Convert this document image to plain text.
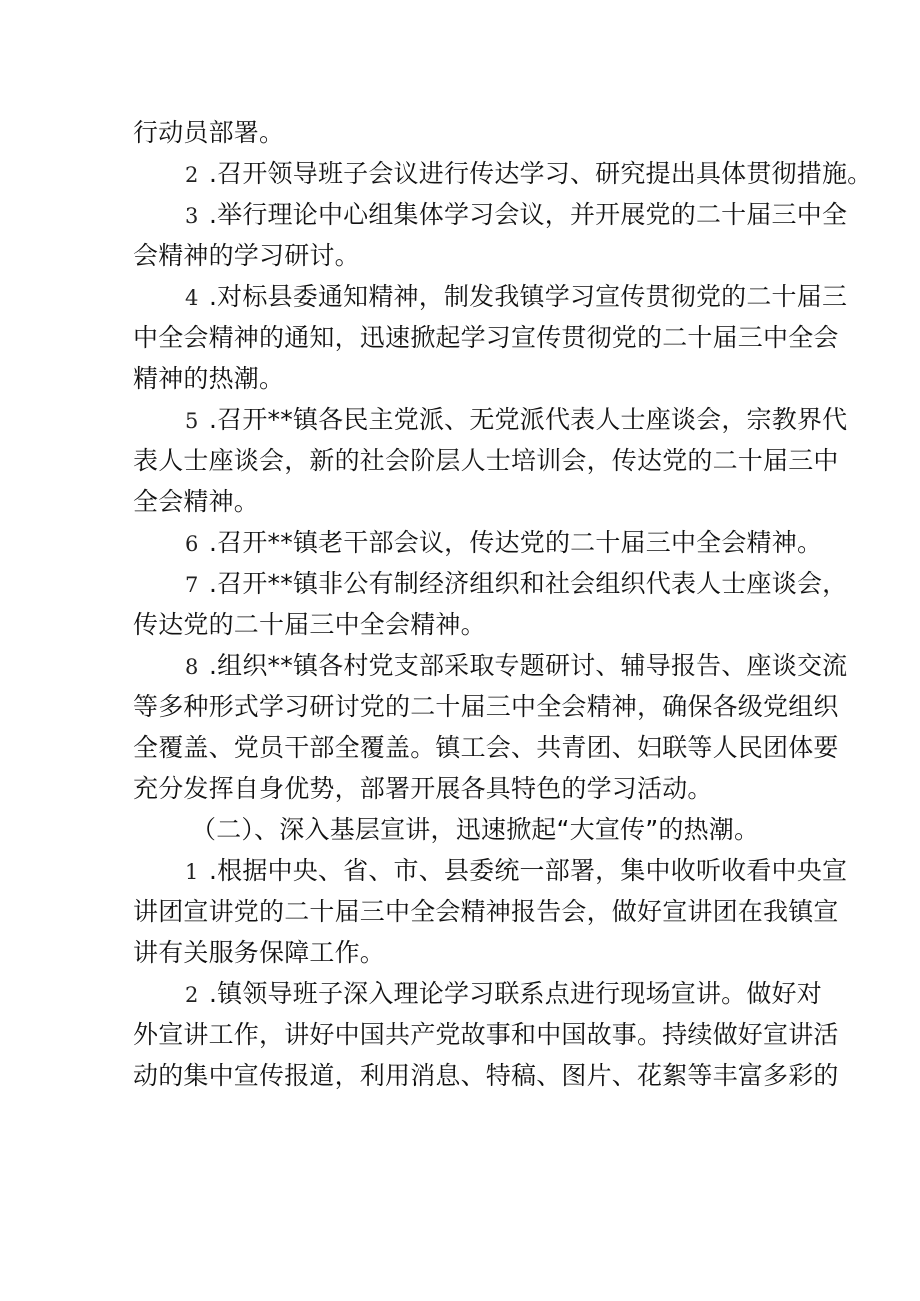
行动员部署。

2 .召开领导班子会议进行传达学习、研究提出具体贯彻措施。

3 .举行理论中心组集体学习会议，并开展党的二十届三中全
会精神的学习研讨。

4 .对标县委通知精神，制发我镇学习宣传贯彻党的二十届三
中全会精神的通知，迅速掀起学习宣传贯彻党的二十届三中全会
精神的热潮。

5 .召开**镇各民主党派、无党派代表人士座谈会，宗教界代
表人士座谈会，新的社会阶层人士培训会，传达党的二十届三中
全会精神。

6 .召开**镇老干部会议，传达党的二十届三中全会精神。

7 .召开**镇非公有制经济组织和社会组织代表人士座谈会，
传达党的二十届三中全会精神。

8 .组织**镇各村党支部采取专题研讨、辅导报告、座谈交流
等多种形式学习研讨党的二十届三中全会精神，确保各级党组织
全覆盖、党员干部全覆盖。镇工会、共青团、妇联等人民团体要
充分发挥自身优势，部署开展各具特色的学习活动。

（二）、深入基层宣讲，迅速掀起“大宣传”的热潮。

1 .根据中央、省、市、县委统一部署，集中收听收看中央宣
讲团宣讲党的二十届三中全会精神报告会，做好宣讲团在我镇宣
讲有关服务保障工作。

2 .镇领导班子深入理论学习联系点进行现场宣讲。做好对
外宣讲工作，讲好中国共产党故事和中国故事。持续做好宣讲活
动的集中宣传报道，利用消息、特稿、图片、花絮等丰富多彩的
